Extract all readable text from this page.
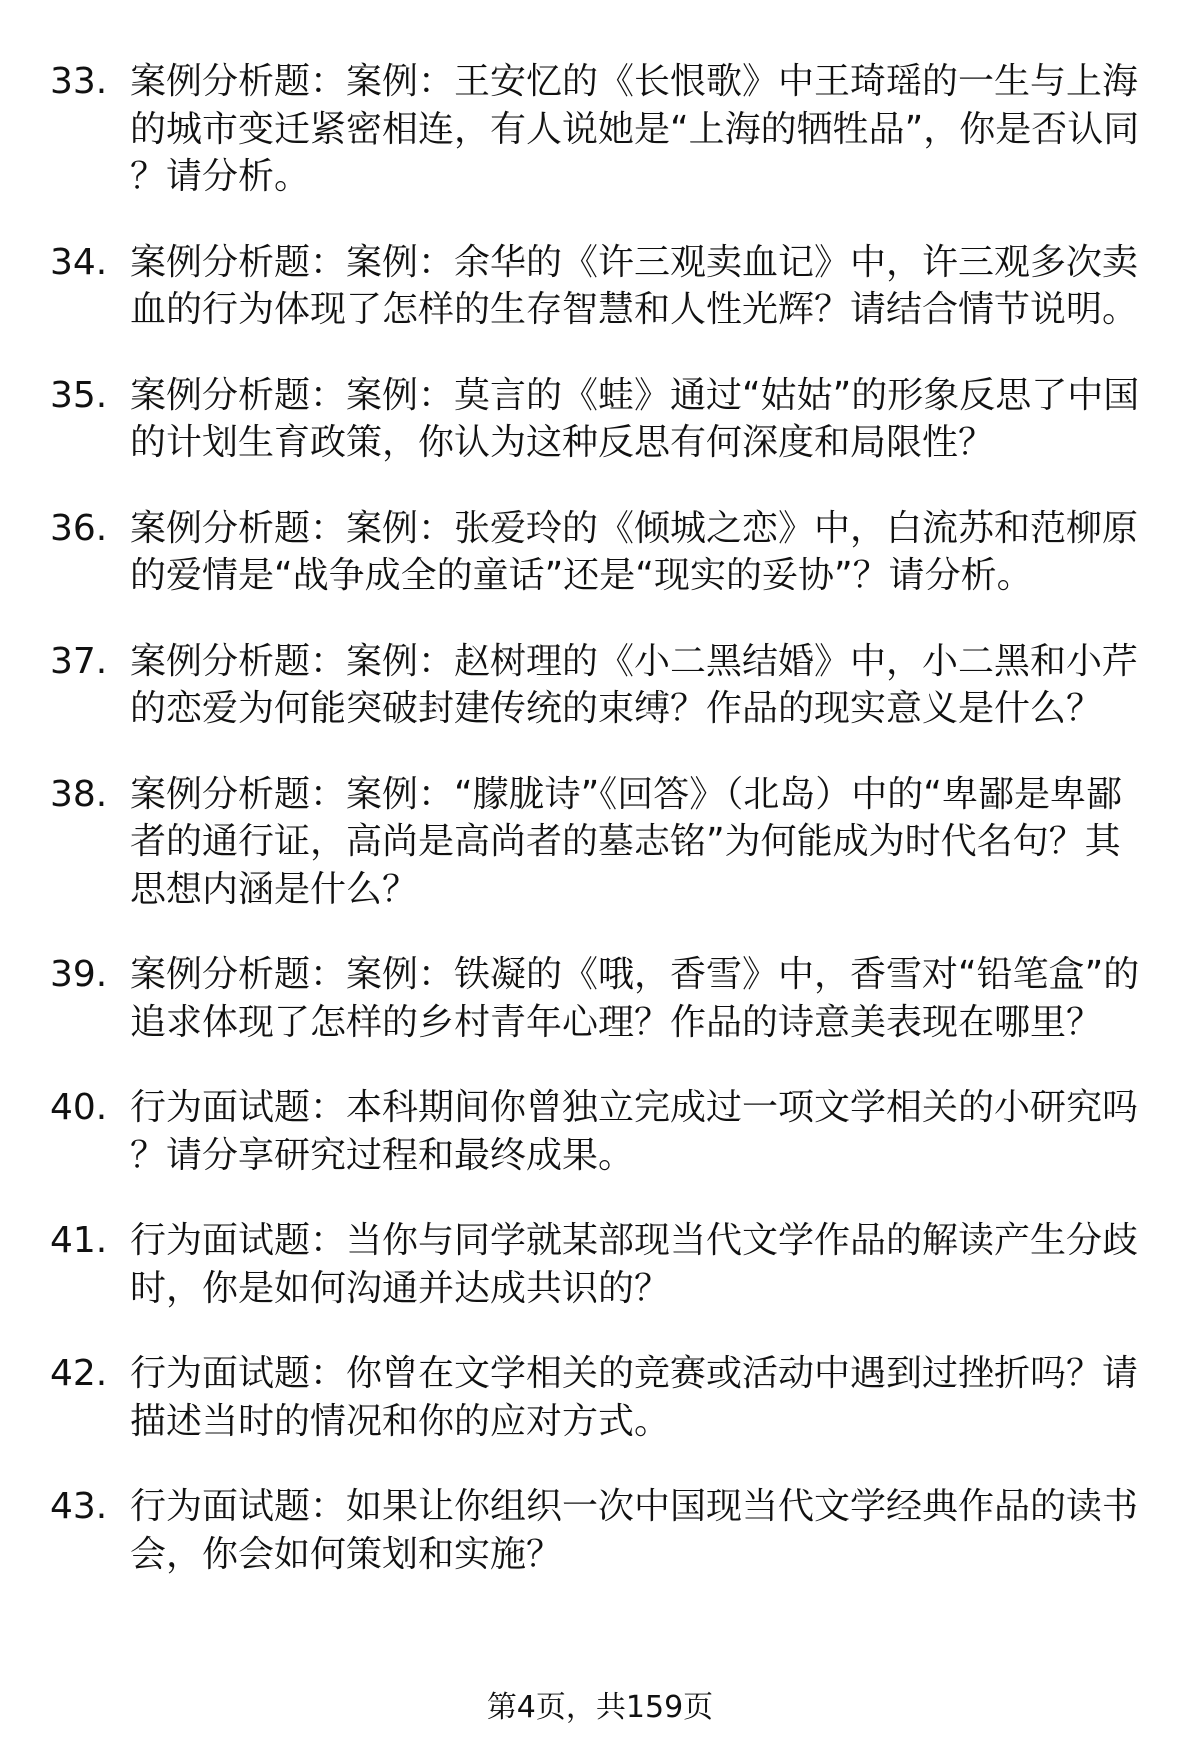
33. 案例分析题：案例：王安忆的《长恨歌》中王琦瑶的一生与上海的城市变迁紧密相连，有人说她是“上海的牺牲品”，你是否认同？请分析。
34. 案例分析题：案例：余华的《许三观卖血记》中，许三观多次卖血的行为体现了怎样的生存智慧和人性光辉？请结合情节说明。
35. 案例分析题：案例：莫言的《蛙》通过“姑姑”的形象反思了中国的计划生育政策，你认为这种反思有何深度和局限性？
36. 案例分析题：案例：张爱玲的《倾城之恋》中，白流苏和范柳原的爱情是“战争成全的童话”还是“现实的妥协”？请分析。
37. 案例分析题：案例：赵树理的《小二黑结婚》中，小二黑和小芹的恋爱为何能突破封建传统的束缚？作品的现实意义是什么？
38. 案例分析题：案例：“朦胧诗”《回答》（北岛）中的“卑鄙是卑鄙者的通行证，高尚是高尚者的墓志铭”为何能成为时代名句？其思想内涵是什么？
39. 案例分析题：案例：铁凝的《哦，香雪》中，香雪对“铅笔盒”的追求体现了怎样的乡村青年心理？作品的诗意美表现在哪里？
40. 行为面试题：本科期间你曾独立完成过一项文学相关的小研究吗？请分享研究过程和最终成果。
41. 行为面试题：当你与同学就某部现当代文学作品的解读产生分歧时，你是如何沟通并达成共识的？
42. 行为面试题：你曾在文学相关的竞赛或活动中遇到过挫折吗？请描述当时的情况和你的应对方式。
43. 行为面试题：如果让你组织一次中国现当代文学经典作品的读书会，你会如何策划和实施？
第4页，共159页
